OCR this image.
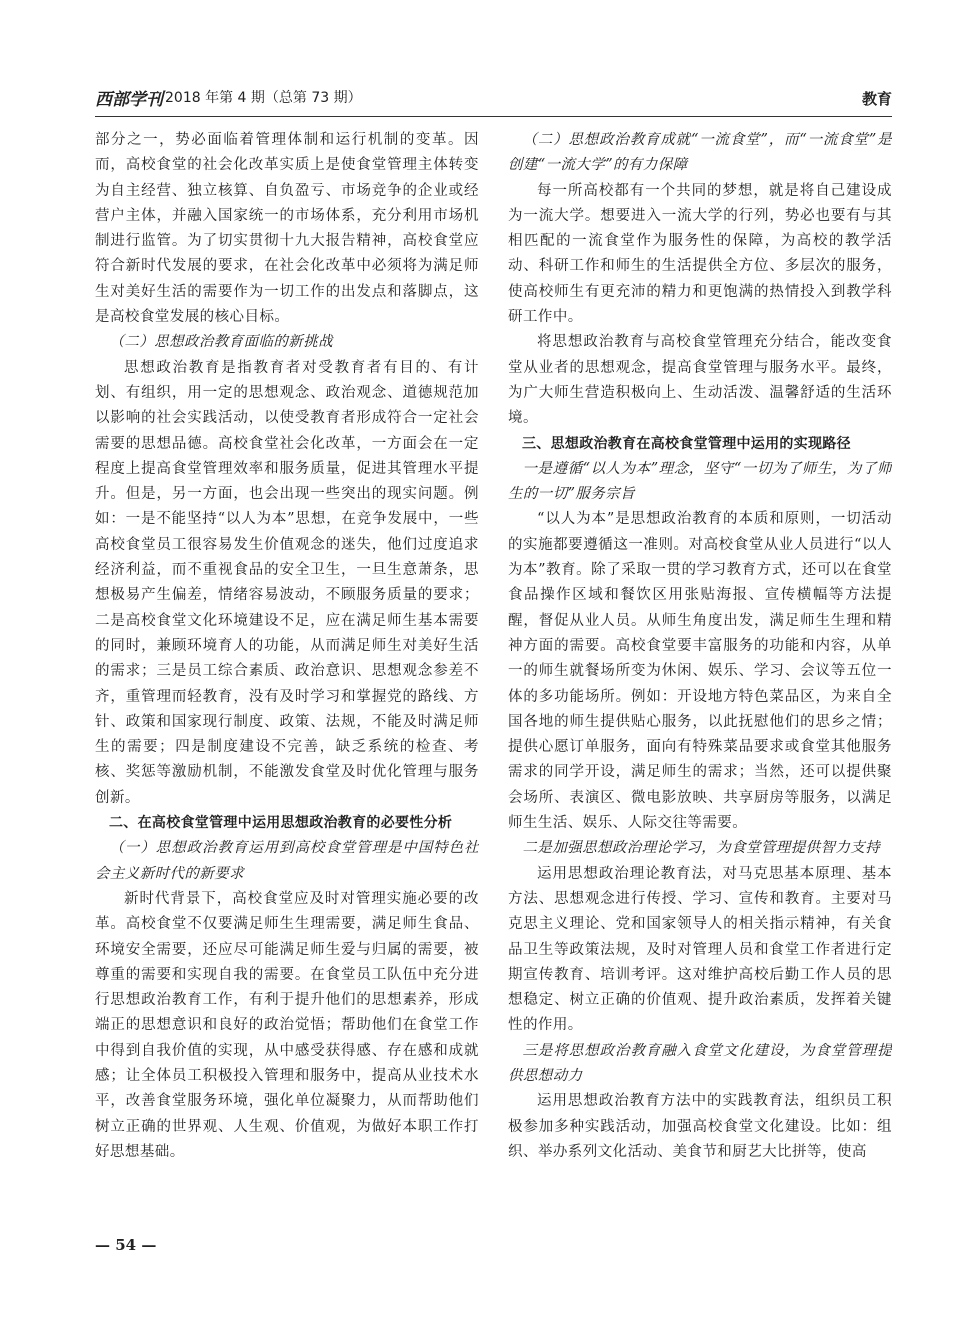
西部学刊 2018 年第 4 期（总第 73 期）	教育

部分之一，势必面临着管理体制和运行机制的变革。因而，高校食堂的社会化改革实质上是使食堂管理主体转变为自主经营、独立核算、自负盈亏、市场竞争的企业或经营户主体，并融入国家统一的市场体系，充分利用市场机制进行监管。为了切实贯彻十九大报告精神，高校食堂应符合新时代发展的要求，在社会化改革中必须将为满足师生对美好生活的需要作为一切工作的出发点和落脚点，这是高校食堂发展的核心目标。

（二）思想政治教育面临的新挑战

思想政治教育是指教育者对受教育者有目的、有计划、有组织，用一定的思想观念、政治观念、道德规范加以影响的社会实践活动，以使受教育者形成符合一定社会需要的思想品德。高校食堂社会化改革，一方面会在一定程度上提高食堂管理效率和服务质量，促进其管理水平提升。但是，另一方面，也会出现一些突出的现实问题。例如：一是不能坚持“以人为本”思想，在竞争发展中，一些高校食堂员工很容易发生价值观念的迷失，他们过度追求经济利益，而不重视食品的安全卫生，一旦生意萧条，思想极易产生偏差，情绪容易波动，不顾服务质量的要求；二是高校食堂文化环境建设不足，应在满足师生基本需要的同时，兼顾环境育人的功能，从而满足师生对美好生活的需求；三是员工综合素质、政治意识、思想观念参差不齐，重管理而轻教育，没有及时学习和掌握党的路线、方针、政策和国家现行制度、政策、法规，不能及时满足师生的需要；四是制度建设不完善，缺乏系统的检查、考核、奖惩等激励机制，不能激发食堂及时优化管理与服务创新。

二、在高校食堂管理中运用思想政治教育的必要性分析

（一）思想政治教育运用到高校食堂管理是中国特色社会主义新时代的新要求

新时代背景下，高校食堂应及时对管理实施必要的改革。高校食堂不仅要满足师生生理需要，满足师生食品、环境安全需要，还应尽可能满足师生爱与归属的需要，被尊重的需要和实现自我的需要。在食堂员工队伍中充分进行思想政治教育工作，有利于提升他们的思想素养，形成端正的思想意识和良好的政治觉悟；帮助他们在食堂工作中得到自我价值的实现，从中感受获得感、存在感和成就感；让全体员工积极投入管理和服务中，提高从业技术水平，改善食堂服务环境，强化单位凝聚力，从而帮助他们树立正确的世界观、人生观、价值观，为做好本职工作打好思想基础。

（二）思想政治教育成就“一流食堂”，而“一流食堂”是创建“一流大学”的有力保障

每一所高校都有一个共同的梦想，就是将自己建设成为一流大学。想要进入一流大学的行列，势必也要有与其相匹配的一流食堂作为服务性的保障，为高校的教学活动、科研工作和师生的生活提供全方位、多层次的服务，使高校师生有更充沛的精力和更饱满的热情投入到教学科研工作中。

将思想政治教育与高校食堂管理充分结合，能改变食堂从业者的思想观念，提高食堂管理与服务水平。最终，为广大师生营造积极向上、生动活泼、温馨舒适的生活环境。

三、思想政治教育在高校食堂管理中运用的实现路径

一是遵循“以人为本”理念，坚守“一切为了师生，为了师生的一切”服务宗旨

“以人为本”是思想政治教育的本质和原则，一切活动的实施都要遵循这一准则。对高校食堂从业人员进行“以人为本”教育。除了采取一贯的学习教育方式，还可以在食堂食品操作区域和餐饮区用张贴海报、宣传横幅等方法提醒，督促从业人员。从师生角度出发，满足师生生理和精神方面的需要。高校食堂要丰富服务的功能和内容，从单一的师生就餐场所变为休闲、娱乐、学习、会议等五位一体的多功能场所。例如：开设地方特色菜品区，为来自全国各地的师生提供贴心服务，以此抚慰他们的思乡之情；提供心愿订单服务，面向有特殊菜品要求或食堂其他服务需求的同学开设，满足师生的需求；当然，还可以提供聚会场所、表演区、微电影放映、共享厨房等服务，以满足师生生活、娱乐、人际交往等需要。

二是加强思想政治理论学习，为食堂管理提供智力支持

运用思想政治理论教育法，对马克思基本原理、基本方法、思想观念进行传授、学习、宣传和教育。主要对马克思主义理论、党和国家领导人的相关指示精神，有关食品卫生等政策法规，及时对管理人员和食堂工作者进行定期宣传教育、培训考评。这对维护高校后勤工作人员的思想稳定、树立正确的价值观、提升政治素质，发挥着关键性的作用。

三是将思想政治教育融入食堂文化建设，为食堂管理提供思想动力

运用思想政治教育方法中的实践教育法，组织员工积极参加多种实践活动，加强高校食堂文化建设。比如：组织、举办系列文化活动、美食节和厨艺大比拼等，使高

— 54 —
